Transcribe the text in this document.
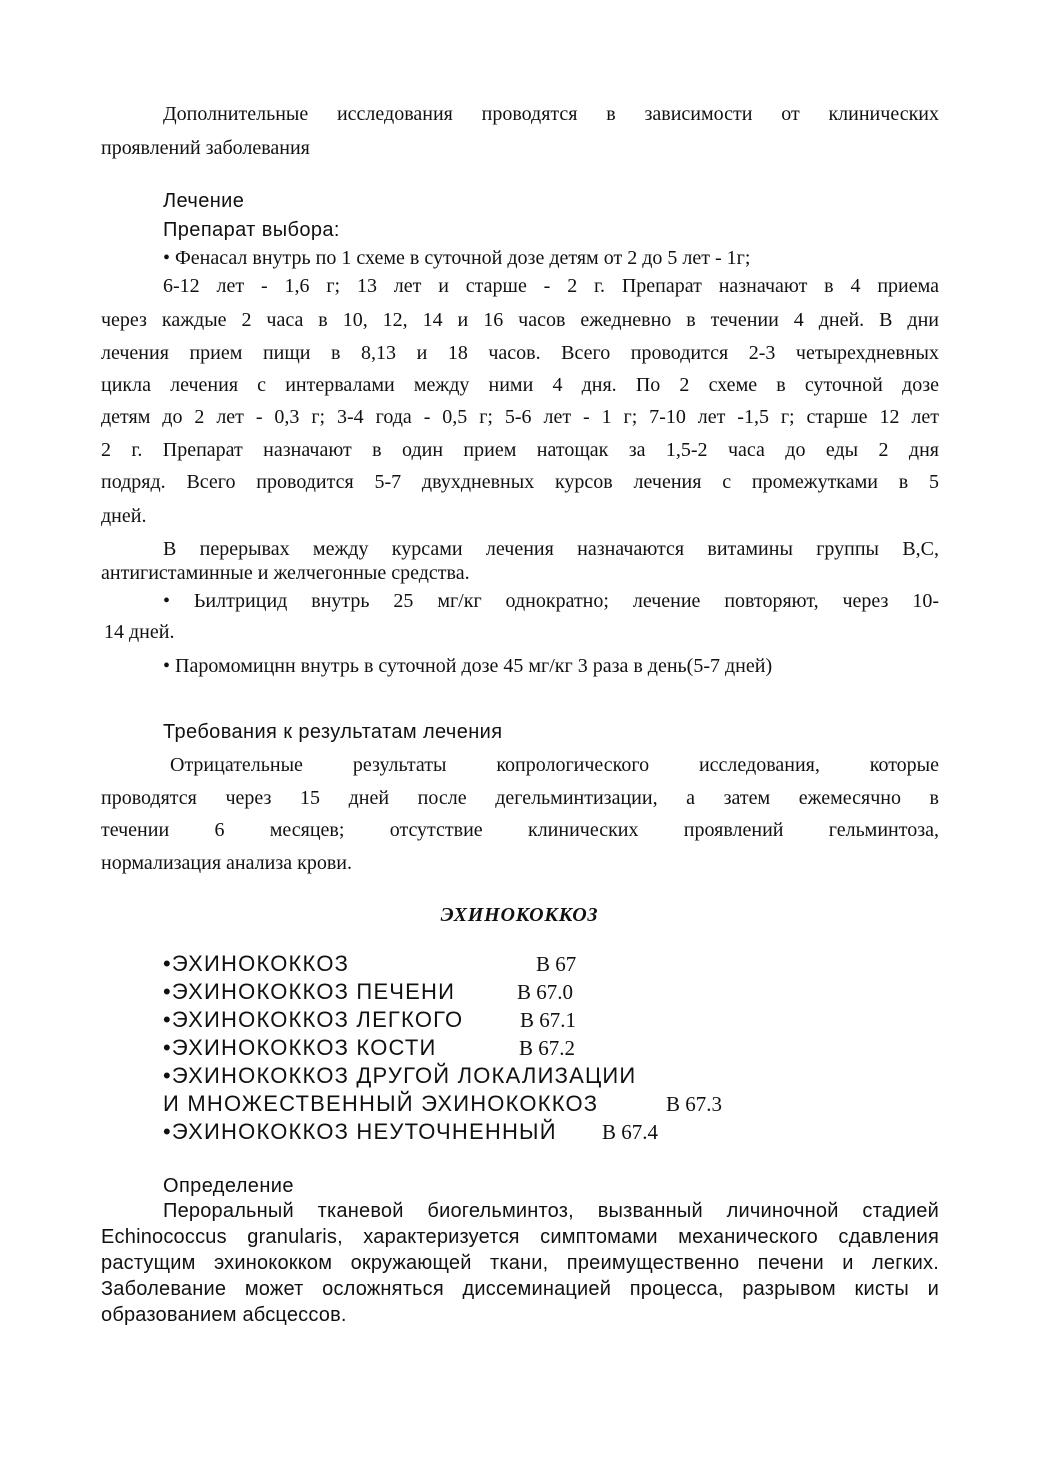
Дополнительные исследования проводятся в зависимости от клинических
проявлений заболевания
Лечение
Препарат выбора:
• Фенасал внутрь по 1 схеме в суточной дозе детям от 2 до 5 лет - 1г;
6-12 лет - 1,6 г; 13 лет и старше - 2 г. Препарат назначают в 4 приема
через каждые 2 часа в 10, 12, 14 и 16 часов ежедневно в течении 4 дней. В дни
лечения прием пищи в 8,13 и 18 часов. Всего проводится 2-3 четырехдневных
цикла лечения с интервалами между ними 4 дня. По 2 схеме в суточной дозе
детям до 2 лет - 0,3 г; 3-4 года - 0,5 г; 5-6 лет - 1 г; 7-10 лет -1,5 г; старше 12 лет
2 г. Препарат назначают в один прием натощак за 1,5-2 часа до еды 2 дня
подряд. Всего проводится 5-7 двухдневных курсов лечения с промежутками в 5
дней.
В перерывах между курсами лечения назначаются витамины группы В,С,
антигистаминные и желчегонные средства.
• Ьилтрицид внутрь 25 мг/кг однократно; лечение повторяют, через 10-
14 дней.
• Паромомицнн внутрь в суточной дозе 45 мг/кг 3 раза в день(5-7 дней)
Требования к результатам лечения
Отрицательные результаты копрологического исследования, которые
проводятся через 15 дней после дегельминтизации, а затем ежемесячно в
течении 6 месяцев; отсутствие клинических проявлений гельминтоза,
нормализация анализа крови.
ЭХИНОКОККОЗ
•ЭХИНОКОККОЗ	В 67
•ЭХИНОКОККОЗ ПЕЧЕНИ	В 67.0
•ЭХИНОКОККОЗ ЛЕГКОГО	В 67.1
•ЭХИНОКОККОЗ КОСТИ	В 67.2
•ЭХИНОКОККОЗ ДРУГОЙ ЛОКАЛИЗАЦИИ
И МНОЖЕСТВЕННЫЙ ЭХИНОКОККОЗ	В 67.3
•ЭХИНОКОККОЗ НЕУТОЧНЕННЫЙ В 67.4
Определение
Пероральный тканевой биогельминтоз, вызванный личиночной стадией
Echinococcus granularis, характеризуется симптомами механического сдавления
растущим эхинококком окружающей ткани, преимущественно печени и легких.
Заболевание может осложняться диссеминацией процесса, разрывом кисты и
образованием абсцессов.
